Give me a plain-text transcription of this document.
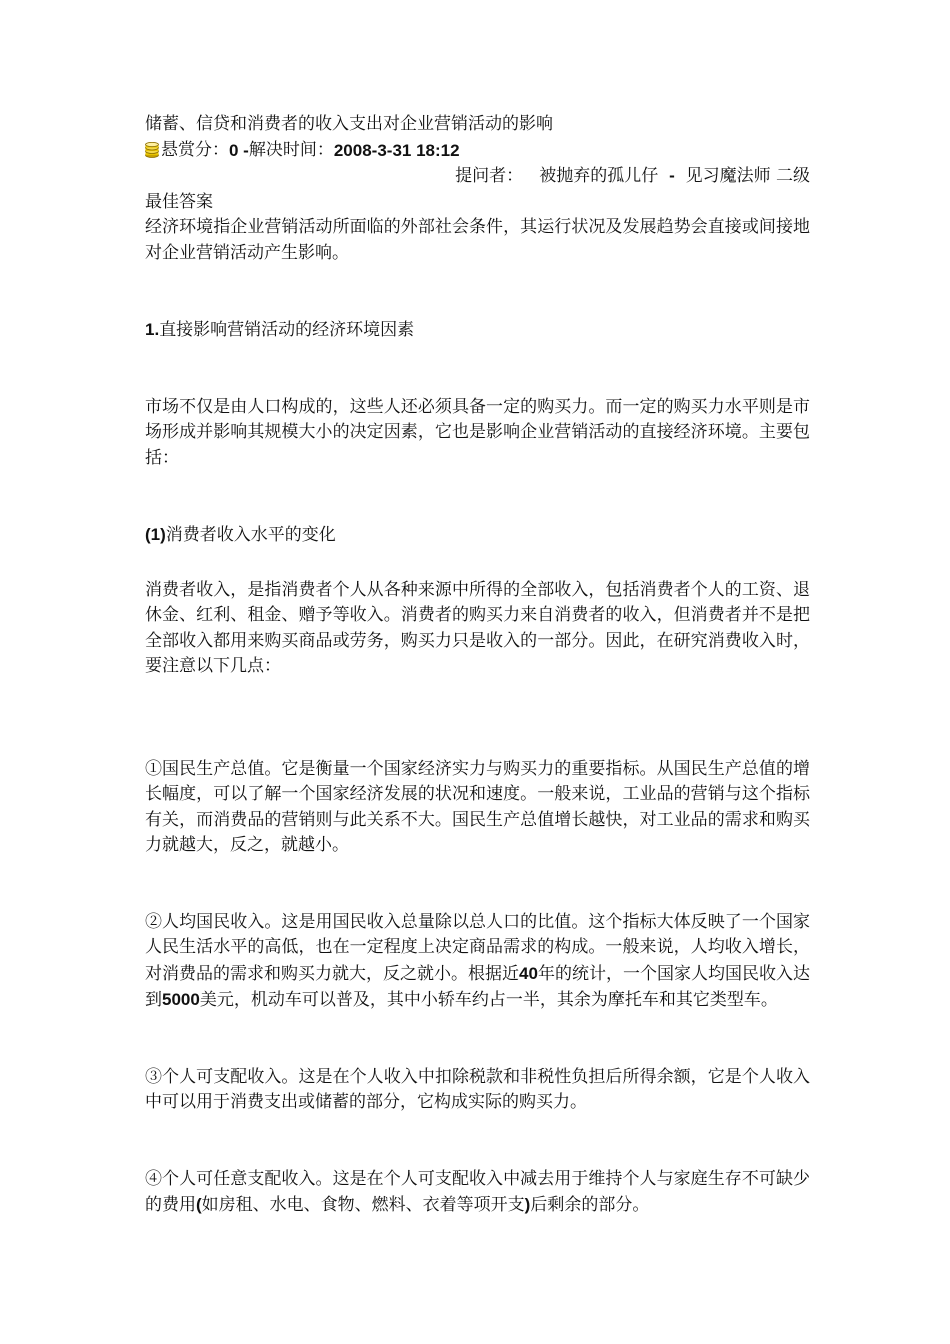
储蓄、信贷和消费者的收入支出对企业营销活动的影响
悬赏分： 0 - 解决时间： 2008-3-31 18:12
提问者： 被抛弃的孤儿仔 - 见习魔法师 二级
最佳答案
经济环境指企业营销活动所面临的外部社会条件，其运行状况及发展趋势会直接或间接地对企业营销活动产生影响。
1.直接影响营销活动的经济环境因素
市场不仅是由人口构成的，这些人还必须具备一定的购买力。而一定的购买力水平则是市场形成并影响其规模大小的决定因素，它也是影响企业营销活动的直接经济环境。主要包括：
(1)消费者收入水平的变化
消费者收入，是指消费者个人从各种来源中所得的全部收入，包括消费者个人的工资、退休金、红利、租金、赠予等收入。消费者的购买力来自消费者的收入，但消费者并不是把全部收入都用来购买商品或劳务，购买力只是收入的一部分。因此，在研究消费收入时，要注意以下几点：
①国民生产总值。它是衡量一个国家经济实力与购买力的重要指标。从国民生产总值的增长幅度，可以了解一个国家经济发展的状况和速度。一般来说，工业品的营销与这个指标有关，而消费品的营销则与此关系不大。国民生产总值增长越快，对工业品的需求和购买力就越大，反之，就越小。
②人均国民收入。这是用国民收入总量除以总人口的比值。这个指标大体反映了一个国家人民生活水平的高低，也在一定程度上决定商品需求的构成。一般来说，人均收入增长，对消费品的需求和购买力就大，反之就小。根据近40年的统计，一个国家人均国民收入达到5000美元，机动车可以普及，其中小轿车约占一半，其余为摩托车和其它类型车。
③个人可支配收入。这是在个人收入中扣除税款和非税性负担后所得余额，它是个人收入中可以用于消费支出或储蓄的部分，它构成实际的购买力。
④个人可任意支配收入。这是在个人可支配收入中减去用于维持个人与家庭生存不可缺少的费用(如房租、水电、食物、燃料、衣着等项开支)后剩余的部分。
